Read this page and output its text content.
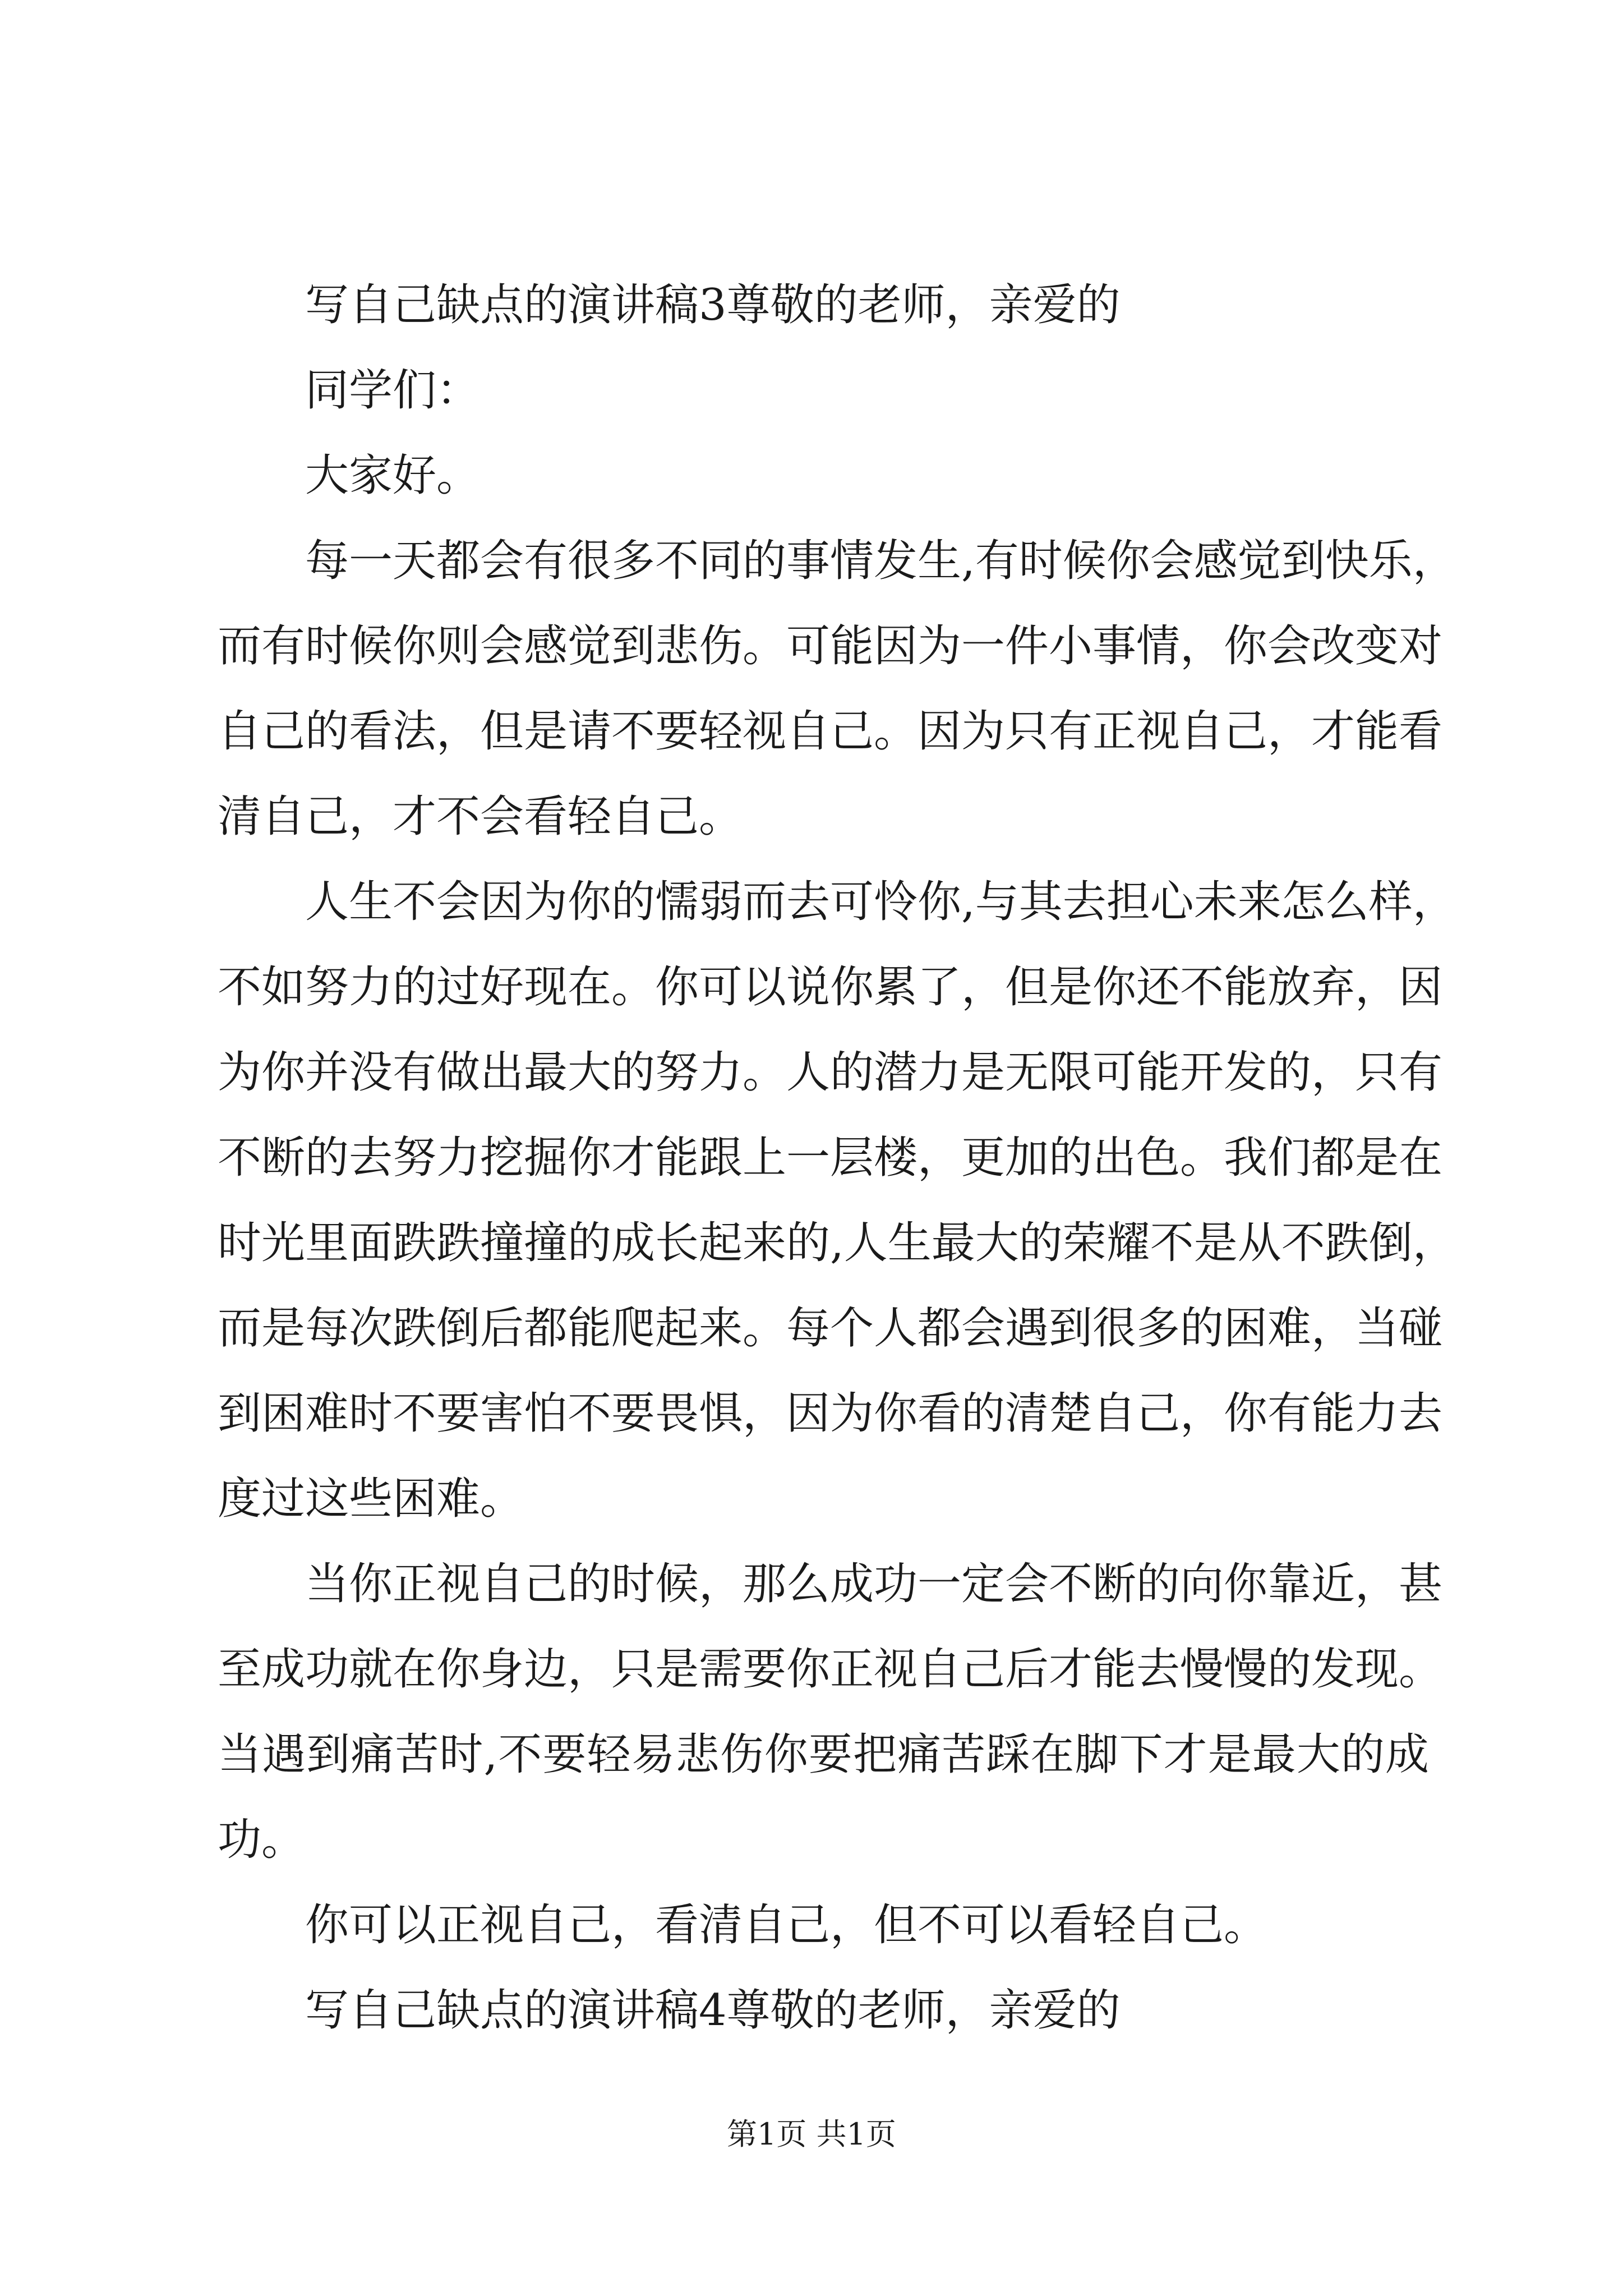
写自己缺点的演讲稿3尊敬的老师，亲爱的
同学们：
大家好。
每一天都会有很多不同的事情发生,有时候你会感觉到快乐，
而有时候你则会感觉到悲伤。可能因为一件小事情，你会改变对
自己的看法，但是请不要轻视自己。因为只有正视自己，才能看
清自己，才不会看轻自己。
人生不会因为你的懦弱而去可怜你,与其去担心未来怎么样，
不如努力的过好现在。你可以说你累了，但是你还不能放弃，因
为你并没有做出最大的努力。人的潜力是无限可能开发的，只有
不断的去努力挖掘你才能跟上一层楼，更加的出色。我们都是在
时光里面跌跌撞撞的成长起来的,人生最大的荣耀不是从不跌倒，
而是每次跌倒后都能爬起来。每个人都会遇到很多的困难，当碰
到困难时不要害怕不要畏惧，因为你看的清楚自己，你有能力去
度过这些困难。
当你正视自己的时候，那么成功一定会不断的向你靠近，甚
至成功就在你身边，只是需要你正视自己后才能去慢慢的发现。
当遇到痛苦时,不要轻易悲伤你要把痛苦踩在脚下才是最大的成
功。
你可以正视自己，看清自己，但不可以看轻自己。
写自己缺点的演讲稿4尊敬的老师，亲爱的
第1页 共1页
